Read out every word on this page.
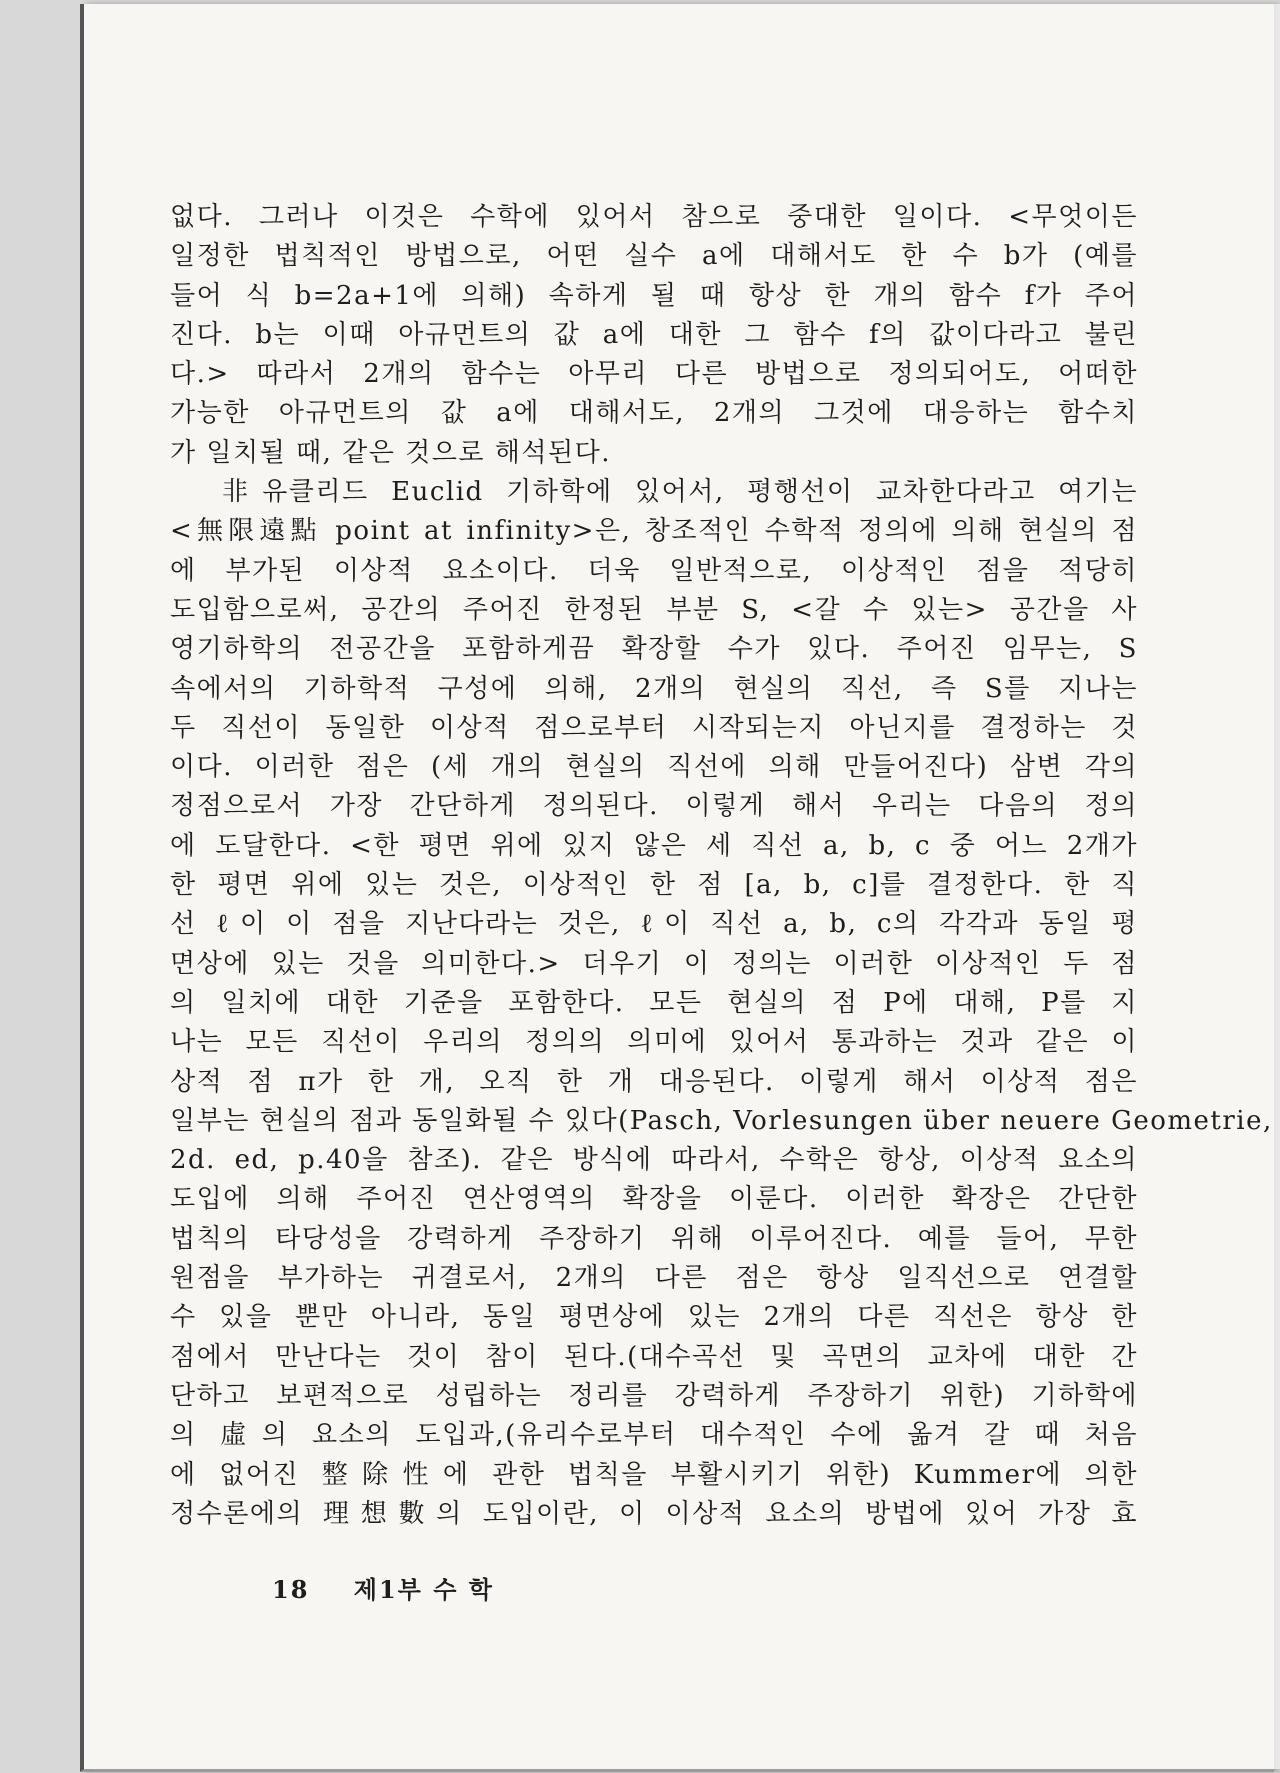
없다. 그러나 이것은 수학에 있어서 참으로 중대한 일이다. <무엇이든
일정한 법칙적인 방법으로, 어떤 실수 a에 대해서도 한 수 b가 (예를
들어 식 b=2a+1에 의해) 속하게 될 때 항상 한 개의 함수 f가 주어
진다. b는 이때 아규먼트의 값 a에 대한 그 함수 f의 값이다라고 불린
다.> 따라서 2개의 함수는 아무리 다른 방법으로 정의되어도, 어떠한
가능한 아규먼트의 값 a에 대해서도, 2개의 그것에 대응하는 함수치
가 일치될 때, 같은 것으로 해석된다.
非유클리드 Euclid 기하학에 있어서, 평행선이 교차한다라고 여기는
<無限遠點 point at infinity>은, 창조적인 수학적 정의에 의해 현실의 점
에 부가된 이상적 요소이다. 더욱 일반적으로, 이상적인 점을 적당히
도입함으로써, 공간의 주어진 한정된 부분 S, <갈 수 있는> 공간을 사
영기하학의 전공간을 포함하게끔 확장할 수가 있다. 주어진 임무는, S
속에서의 기하학적 구성에 의해, 2개의 현실의 직선, 즉 S를 지나는
두 직선이 동일한 이상적 점으로부터 시작되는지 아닌지를 결정하는 것
이다. 이러한 점은 (세 개의 현실의 직선에 의해 만들어진다) 삼변 각의
정점으로서 가장 간단하게 정의된다. 이렇게 해서 우리는 다음의 정의
에 도달한다. <한 평면 위에 있지 않은 세 직선 a, b, c 중 어느 2개가
한 평면 위에 있는 것은, 이상적인 한 점 [a, b, c]를 결정한다. 한 직
선 ℓ이 이 점을 지난다라는 것은, ℓ이 직선 a, b, c의 각각과 동일 평
면상에 있는 것을 의미한다.> 더우기 이 정의는 이러한 이상적인 두 점
의 일치에 대한 기준을 포함한다. 모든 현실의 점 P에 대해, P를 지
나는 모든 직선이 우리의 정의의 의미에 있어서 통과하는 것과 같은 이
상적 점 π가 한 개, 오직 한 개 대응된다. 이렇게 해서 이상적 점은
일부는 현실의 점과 동일화될 수 있다(Pasch, Vorlesungen über neuere Geometrie,
2d. ed, p.40을 참조). 같은 방식에 따라서, 수학은 항상, 이상적 요소의
도입에 의해 주어진 연산영역의 확장을 이룬다. 이러한 확장은 간단한
법칙의 타당성을 강력하게 주장하기 위해 이루어진다. 예를 들어, 무한
원점을 부가하는 귀결로서, 2개의 다른 점은 항상 일직선으로 연결할
수 있을 뿐만 아니라, 동일 평면상에 있는 2개의 다른 직선은 항상 한
점에서 만난다는 것이 참이 된다.(대수곡선 및 곡면의 교차에 대한 간
단하고 보편적으로 성립하는 정리를 강력하게 주장하기 위한) 기하학에
의 虛의 요소의 도입과,(유리수로부터 대수적인 수에 옮겨 갈 때 처음
에 없어진 整除性에 관한 법칙을 부활시키기 위한) Kummer에 의한
정수론에의 理想數의 도입이란, 이 이상적 요소의 방법에 있어 가장 효
18 제1부 수 학
